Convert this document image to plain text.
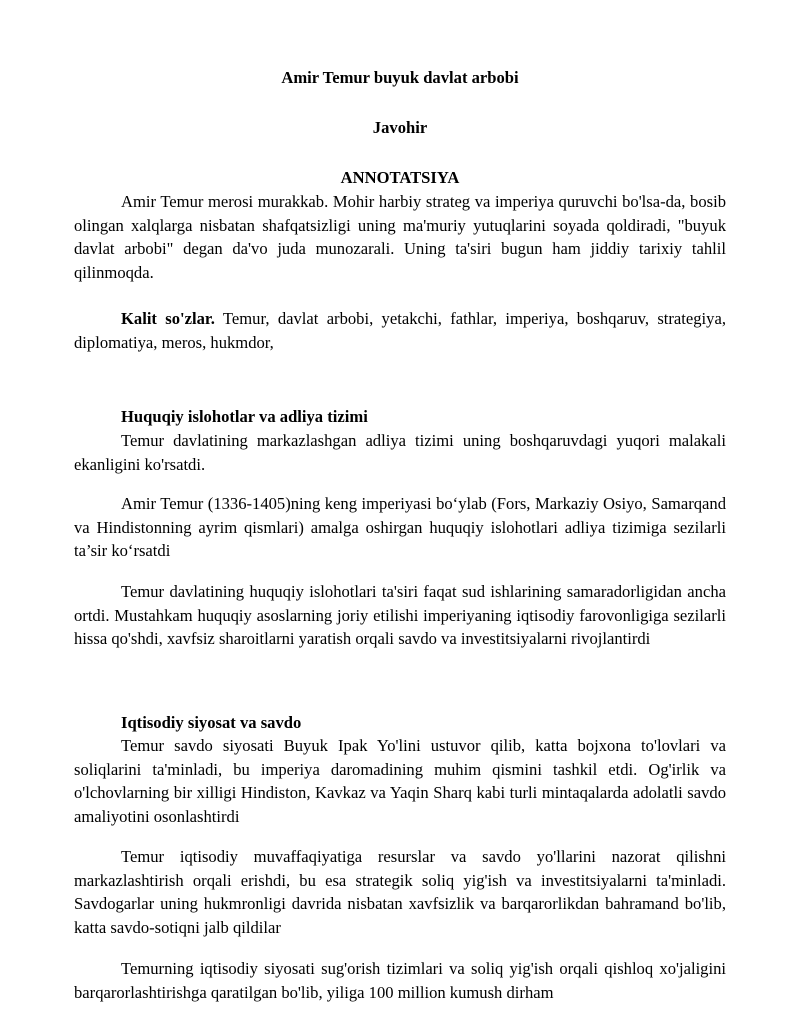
Amir Temur buyuk davlat arbobi

Javohir

ANNOTATSIYA

Amir Temur merosi murakkab. Mohir harbiy strateg va imperiya quruvchi bo'lsa-da, bosib olingan xalqlarga nisbatan shafqatsizligi uning ma'muriy yutuqlarini soyada qoldiradi, "buyuk davlat arbobi" degan da'vo juda munozarali. Uning ta'siri bugun ham jiddiy tarixiy tahlil qilinmoqda.

Kalit so'zlar. Temur, davlat arbobi, yetakchi, fathlar, imperiya, boshqaruv, strategiya, diplomatiya, meros, hukmdor,

Huquqiy islohotlar va adliya tizimi

Temur davlatining markazlashgan adliya tizimi uning boshqaruvdagi yuqori malakali ekanligini ko'rsatdi.

Amir Temur (1336-1405)ning keng imperiyasi bo‘ylab (Fors, Markaziy Osiyo, Samarqand va Hindistonning ayrim qismlari) amalga oshirgan huquqiy islohotlari adliya tizimiga sezilarli ta’sir ko‘rsatdi

Temur davlatining huquqiy islohotlari ta'siri faqat sud ishlarining samaradorligidan ancha ortdi. Mustahkam huquqiy asoslarning joriy etilishi imperiyaning iqtisodiy farovonligiga sezilarli hissa qo'shdi, xavfsiz sharoitlarni yaratish orqali savdo va investitsiyalarni rivojlantirdi

Iqtisodiy siyosat va savdo

Temur savdo siyosati Buyuk Ipak Yo'lini ustuvor qilib, katta bojxona to'lovlari va soliqlarini ta'minladi, bu imperiya daromadining muhim qismini tashkil etdi. Og'irlik va o'lchovlarning bir xilligi Hindiston, Kavkaz va Yaqin Sharq kabi turli mintaqalarda adolatli savdo amaliyotini osonlashtirdi

Temur iqtisodiy muvaffaqiyatiga resurslar va savdo yo'llarini nazorat qilishni markazlashtirish orqali erishdi, bu esa strategik soliq yig'ish va investitsiyalarni ta'minladi. Savdogarlar uning hukmronligi davrida nisbatan xavfsizlik va barqarorlikdan bahramand bo'lib, katta savdo-sotiqni jalb qildilar

Temurning iqtisodiy siyosati sug'orish tizimlari va soliq yig'ish orqali qishloq xo'jaligini barqarorlashtirishga qaratilgan bo'lib, yiliga 100 million kumush dirham
